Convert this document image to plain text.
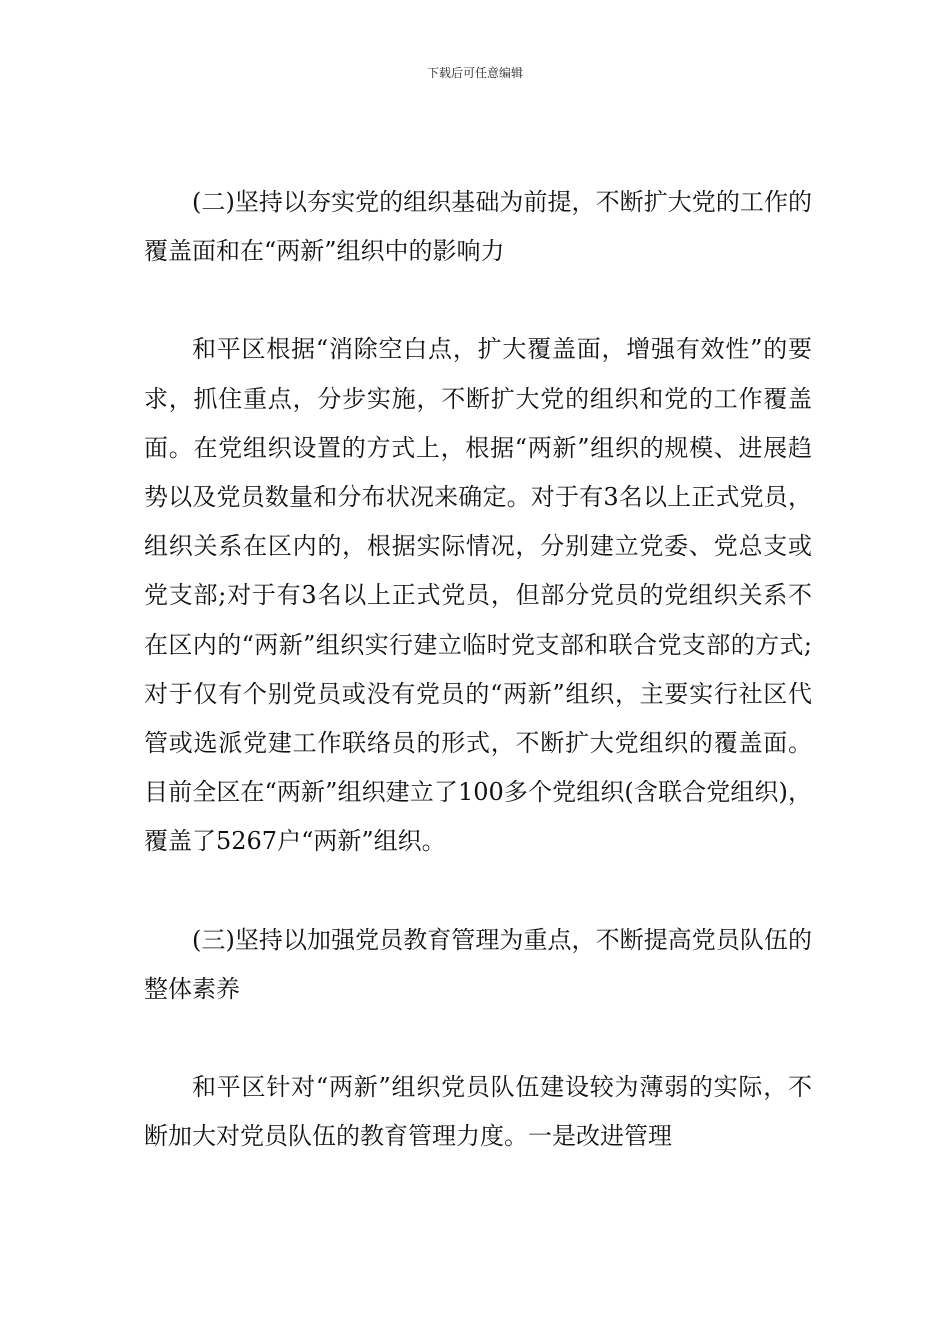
下载后可任意编辑

(二)坚持以夯实党的组织基础为前提，不断扩大党的工作的覆盖面和在“两新”组织中的影响力

和平区根据“消除空白点，扩大覆盖面，增强有效性”的要求，抓住重点，分步实施，不断扩大党的组织和党的工作覆盖面。在党组织设置的方式上，根据“两新”组织的规模、进展趋势以及党员数量和分布状况来确定。对于有3名以上正式党员，组织关系在区内的，根据实际情况，分别建立党委、党总支或党支部;对于有3名以上正式党员，但部分党员的党组织关系不在区内的“两新”组织实行建立临时党支部和联合党支部的方式;对于仅有个别党员或没有党员的“两新”组织，主要实行社区代管或选派党建工作联络员的形式，不断扩大党组织的覆盖面。目前全区在“两新”组织建立了100多个党组织(含联合党组织)，覆盖了5267户“两新”组织。

(三)坚持以加强党员教育管理为重点，不断提高党员队伍的整体素养

和平区针对“两新”组织党员队伍建设较为薄弱的实际，不断加大对党员队伍的教育管理力度。一是改进管理
